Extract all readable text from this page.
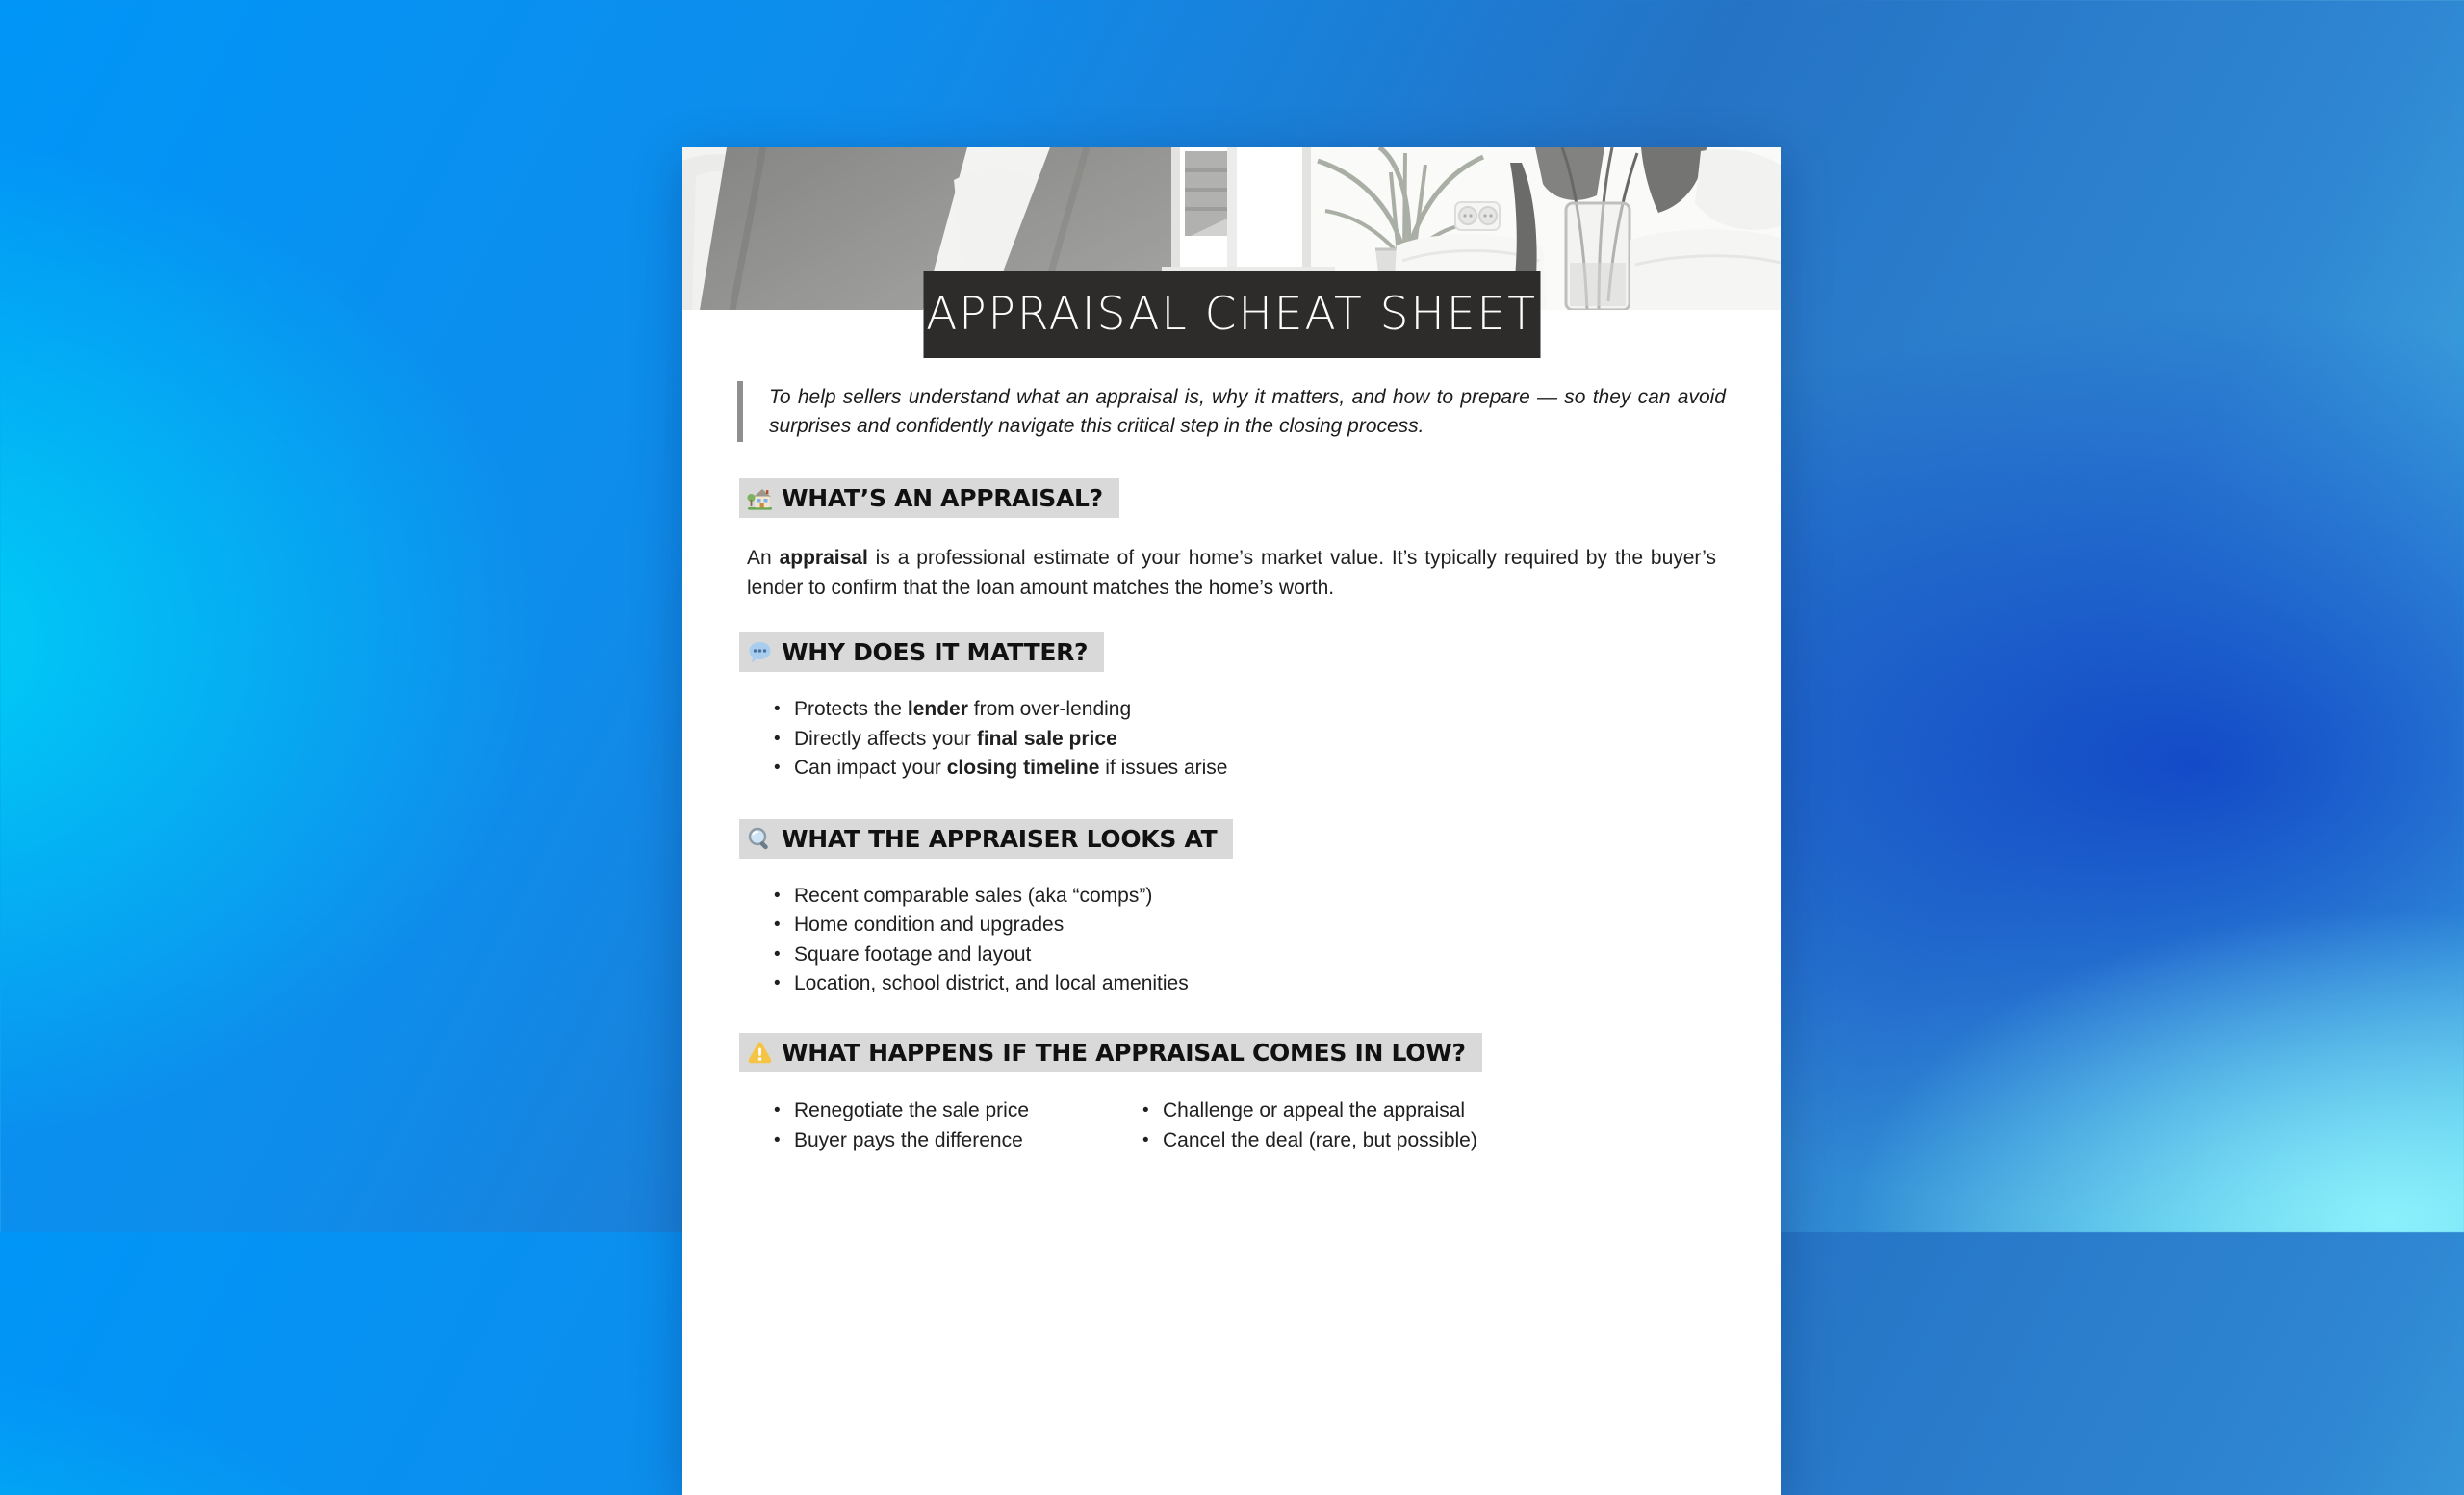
APPRAISAL CHEAT SHEET
To help sellers understand what an appraisal is, why it matters, and how to prepare — so they can avoid surprises and confidently navigate this critical step in the closing process.
WHAT’S AN APPRAISAL?

An appraisal is a professional estimate of your home’s market value. It’s typically required by the buyer’s lender to confirm that the loan amount matches the home’s worth.

WHY DOES IT MATTER?
• Protects the lender from over-lending
• Directly affects your final sale price
• Can impact your closing timeline if issues arise
WHAT THE APPRAISER LOOKS AT
• Recent comparable sales (aka “comps”)
• Home condition and upgrades
• Square footage and layout
• Location, school district, and local amenities
WHAT HAPPENS IF THE APPRAISAL COMES IN LOW?
• Renegotiate the sale price
• Buyer pays the difference
• Challenge or appeal the appraisal
• Cancel the deal (rare, but possible)
